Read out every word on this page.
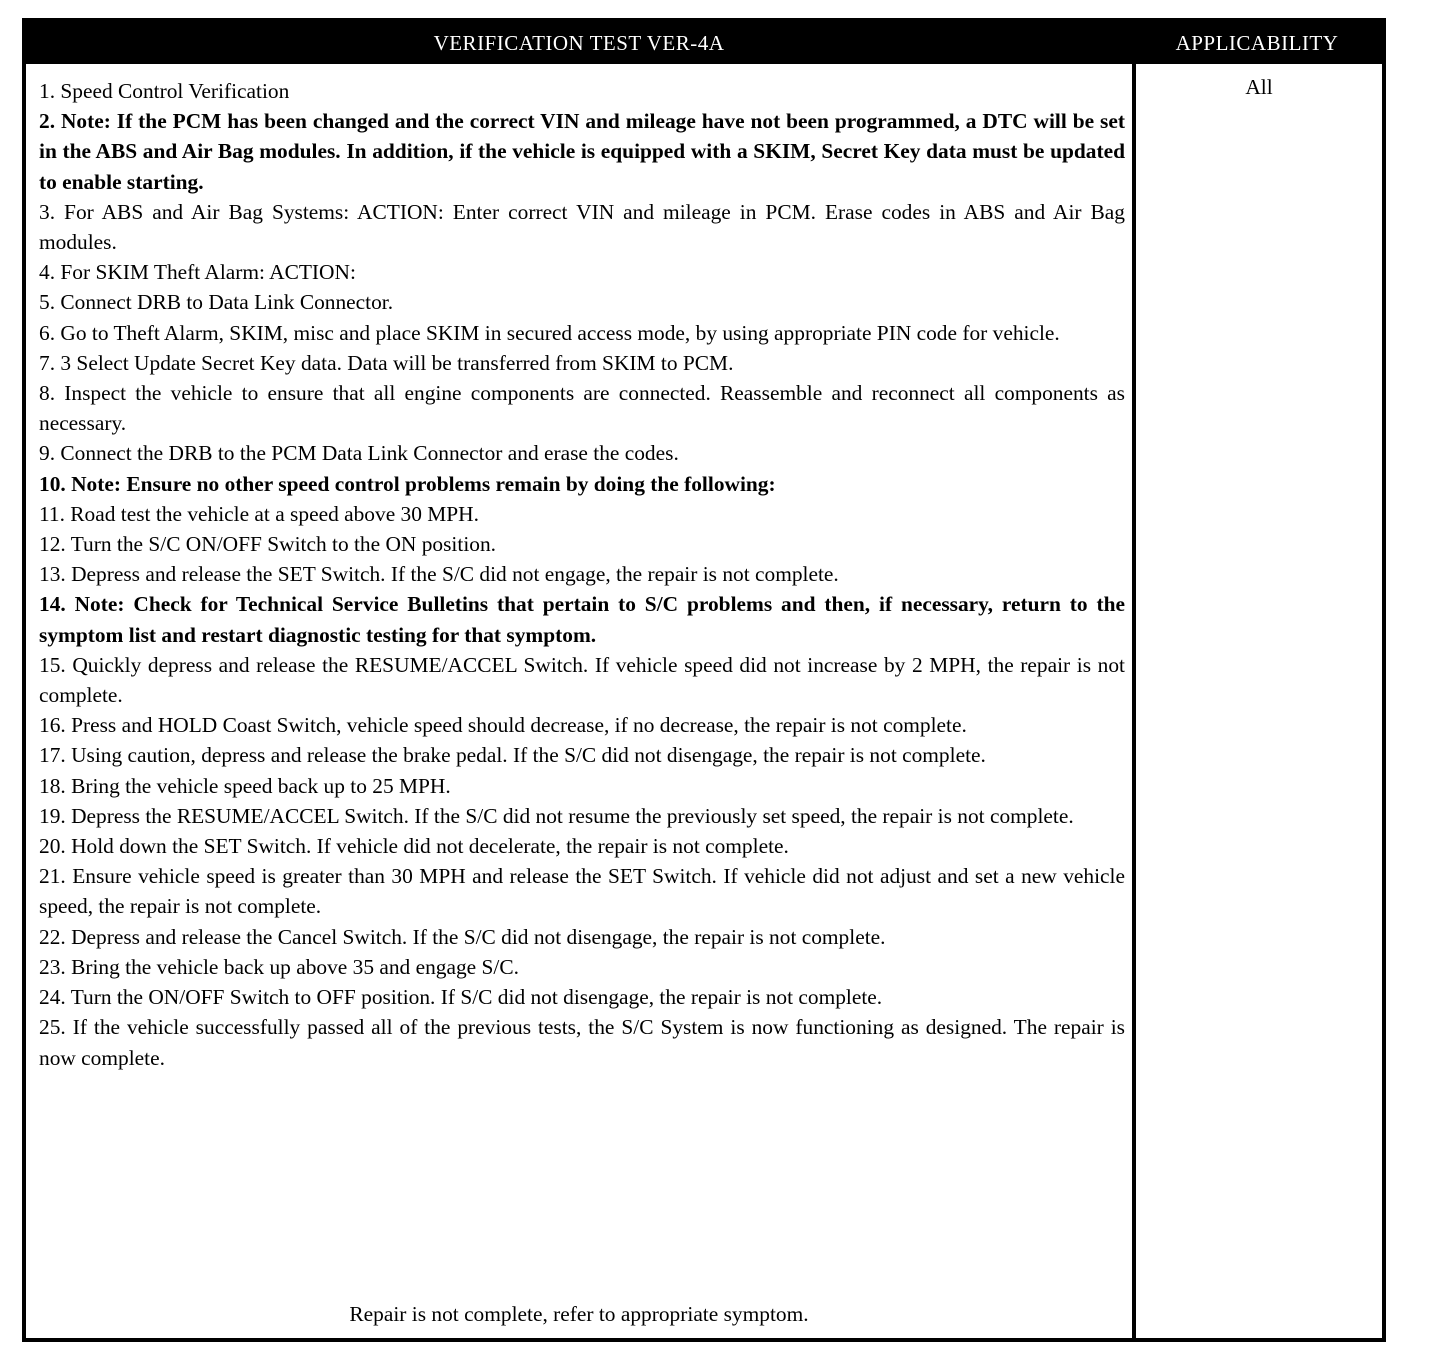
VERIFICATION TEST VER-4A	APPLICABILITY
1. Speed Control Verification
2. Note: If the PCM has been changed and the correct VIN and mileage have not been programmed, a DTC will be set in the ABS and Air Bag modules. In addition, if the vehicle is equipped with a SKIM, Secret Key data must be updated to enable starting.
3. For ABS and Air Bag Systems: ACTION: Enter correct VIN and mileage in PCM. Erase codes in ABS and Air Bag modules.
4. For SKIM Theft Alarm: ACTION:
5. Connect DRB to Data Link Connector.
6. Go to Theft Alarm, SKIM, misc and place SKIM in secured access mode, by using appropriate PIN code for vehicle.
7. 3 Select Update Secret Key data. Data will be transferred from SKIM to PCM.
8. Inspect the vehicle to ensure that all engine components are connected. Reassemble and reconnect all components as necessary.
9. Connect the DRB to the PCM Data Link Connector and erase the codes.
10. Note: Ensure no other speed control problems remain by doing the following:
11. Road test the vehicle at a speed above 30 MPH.
12. Turn the S/C ON/OFF Switch to the ON position.
13. Depress and release the SET Switch. If the S/C did not engage, the repair is not complete.
14. Note: Check for Technical Service Bulletins that pertain to S/C problems and then, if necessary, return to the symptom list and restart diagnostic testing for that symptom.
15. Quickly depress and release the RESUME/ACCEL Switch. If vehicle speed did not increase by 2 MPH, the repair is not complete.
16. Press and HOLD Coast Switch, vehicle speed should decrease, if no decrease, the repair is not complete.
17. Using caution, depress and release the brake pedal. If the S/C did not disengage, the repair is not complete.
18. Bring the vehicle speed back up to 25 MPH.
19. Depress the RESUME/ACCEL Switch. If the S/C did not resume the previously set speed, the repair is not complete.
20. Hold down the SET Switch. If vehicle did not decelerate, the repair is not complete.
21. Ensure vehicle speed is greater than 30 MPH and release the SET Switch. If vehicle did not adjust and set a new vehicle speed, the repair is not complete.
22. Depress and release the Cancel Switch. If the S/C did not disengage, the repair is not complete.
23. Bring the vehicle back up above 35 and engage S/C.
24. Turn the ON/OFF Switch to OFF position. If S/C did not disengage, the repair is not complete.
25. If the vehicle successfully passed all of the previous tests, the S/C System is now functioning as designed. The repair is now complete.
Repair is not complete, refer to appropriate symptom.
All
